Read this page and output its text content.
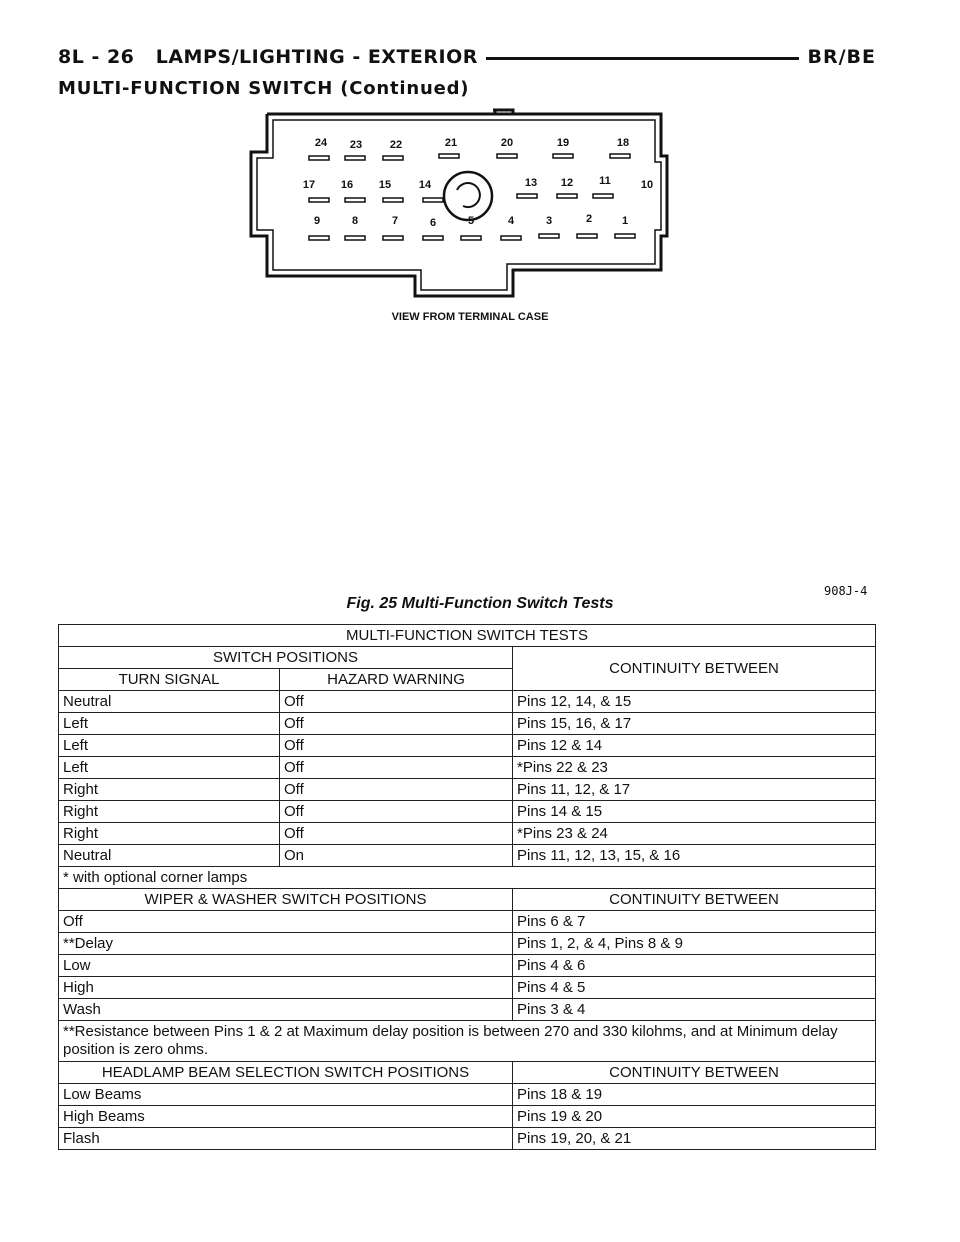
8L - 26 LAMPS/LIGHTING - EXTERIOR	BR/BE
MULTI-FUNCTION SWITCH (Continued)
24 23	22	21	20	19	18
17 16 15	14	13 12 11	10
9	8	7	6	5	4	3	2	1
VIEW FROM TERMINAL CASE
908J-4
Fig. 25 Multi-Function Switch Tests
MULTI-FUNCTION SWITCH TESTS		
SWITCH POSITIONS		CONTINUITY BETWEEN
TURN SIGNAL	HAZARD WARNING	
Neutral	Off	Pins 12, 14, & 15
Left	Off	Pins 15, 16, & 17
Left	Off	Pins 12 & 14
Left	Off	*Pins 22 & 23
Right	Off	Pins 11, 12, & 17
Right	Off	Pins 14 & 15
Right	Off	*Pins 23 & 24
Neutral	On	Pins 11, 12, 13, 15, & 16
* with optional corner lamps		
WIPER & WASHER SWITCH POSITIONS		CONTINUITY BETWEEN
Off		Pins 6 & 7
**Delay		Pins 1, 2, & 4, Pins 8 & 9
Low		Pins 4 & 6
High		Pins 4 & 5
Wash		Pins 3 & 4
**Resistance between Pins 1 & 2 at Maximum delay position is between 270 and 330 kilohms, and at Minimum delay position is zero ohms.		
HEADLAMP BEAM SELECTION SWITCH POSITIONS		CONTINUITY BETWEEN
Low Beams		Pins 18 & 19
High Beams		Pins 19 & 20
Flash		Pins 19, 20, & 21
